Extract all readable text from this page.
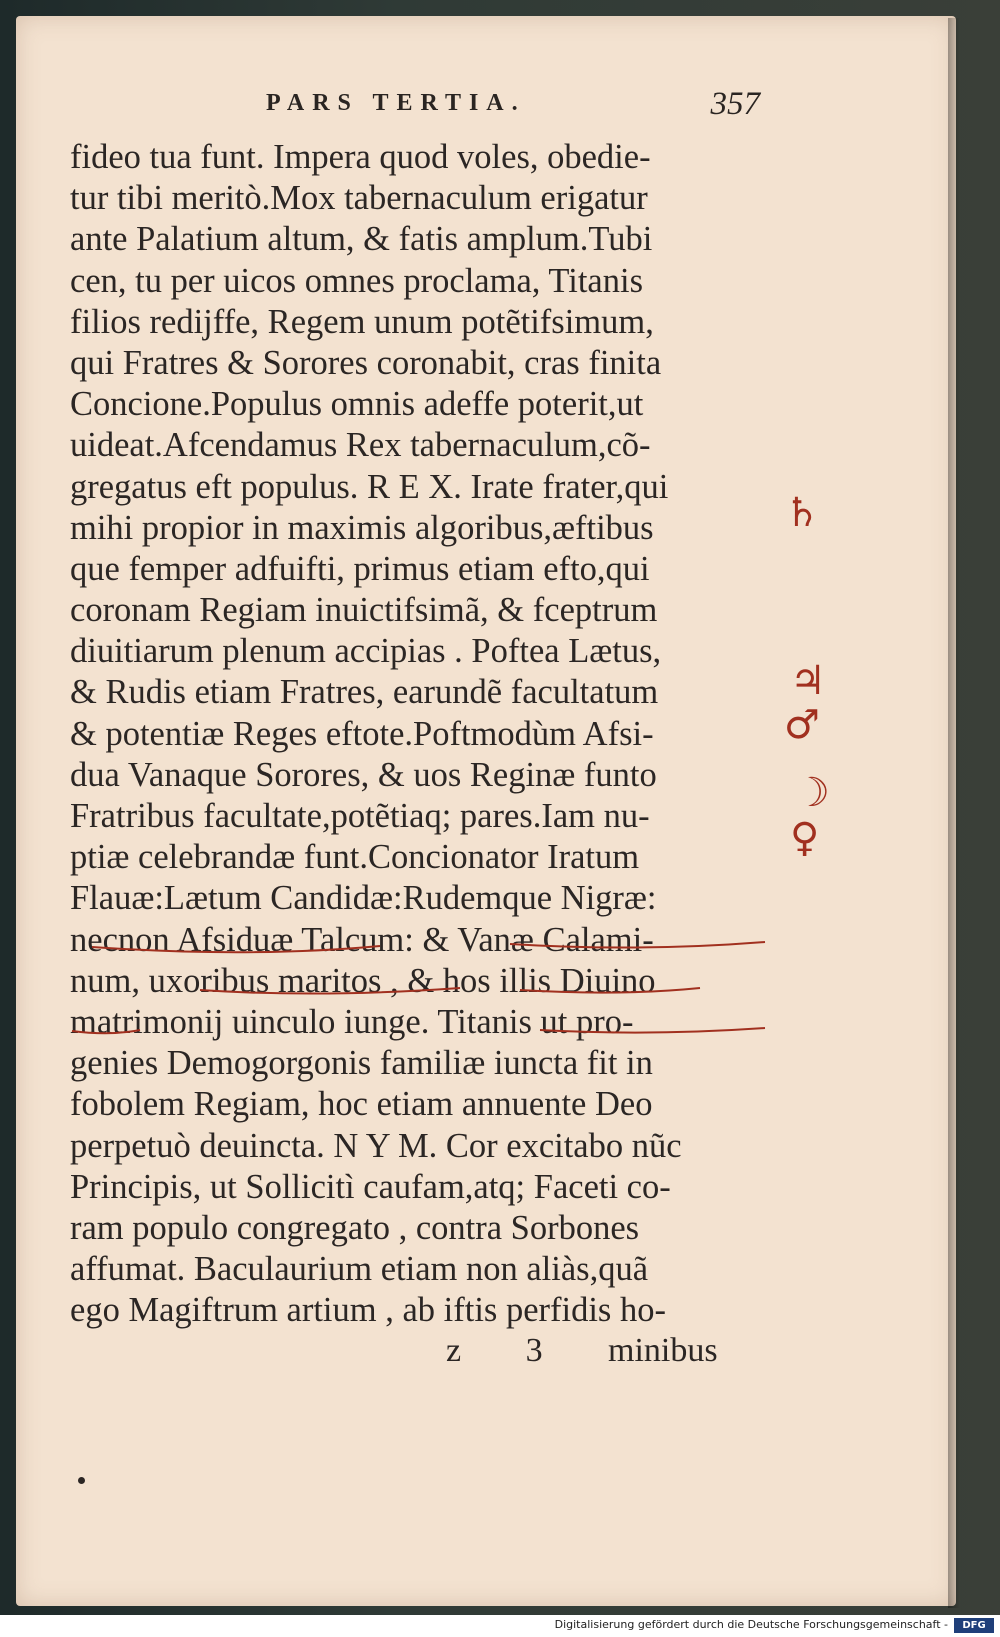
PARS TERTIA.	357
fideo tua funt. Impera quod voles, obedie-
tur tibi meritò.Mox tabernaculum erigatur
ante Palatium altum, & fatis amplum.Tubi
cen, tu per uicos omnes proclama, Titanis
filios redijffe, Regem unum potẽtifsimum,
qui Fratres & Sorores coronabit, cras finita
Concione.Populus omnis adeffe poterit,ut
uideat.Afcendamus Rex tabernaculum,cõ-
gregatus eft populus. R E X. Irate frater,qui
mihi propior in maximis algoribus,æftibus
que femper adfuifti, primus etiam efto,qui
coronam Regiam inuictifsimã, & fceptrum
diuitiarum plenum accipias . Poftea Lætus,
& Rudis etiam Fratres, earundẽ facultatum
& potentiæ Reges eftote.Poftmodùm Afsi-
dua Vanaque Sorores, & uos Reginæ funto
Fratribus facultate,potẽtiaq; pares.Iam nu-
ptiæ celebrandæ funt.Concionator Iratum
Flauæ:Lætum Candidæ:Rudemque Nigræ:
necnon Afsiduæ Talcum: & Vanæ Calami-
num, uxoribus maritos , & hos illis Diuino
matrimonij uinculo iunge. Titanis ut pro-
genies Demogorgonis familiæ iuncta fit in
fobolem Regiam, hoc etiam annuente Deo
perpetuò deuincta. N Y M. Cor excitabo nũc
Principis, ut Sollicitì caufam,atq; Faceti co-
ram populo congregato , contra Sorbones
affumat. Baculaurium etiam non aliàs,quã
ego Magiftrum artium , ab iftis perfidis ho-
♄
♃
♂
☽
♀
z 3 minibus
Digitalisierung gefördert durch die Deutsche Forschungsgemeinschaft -	DFG
